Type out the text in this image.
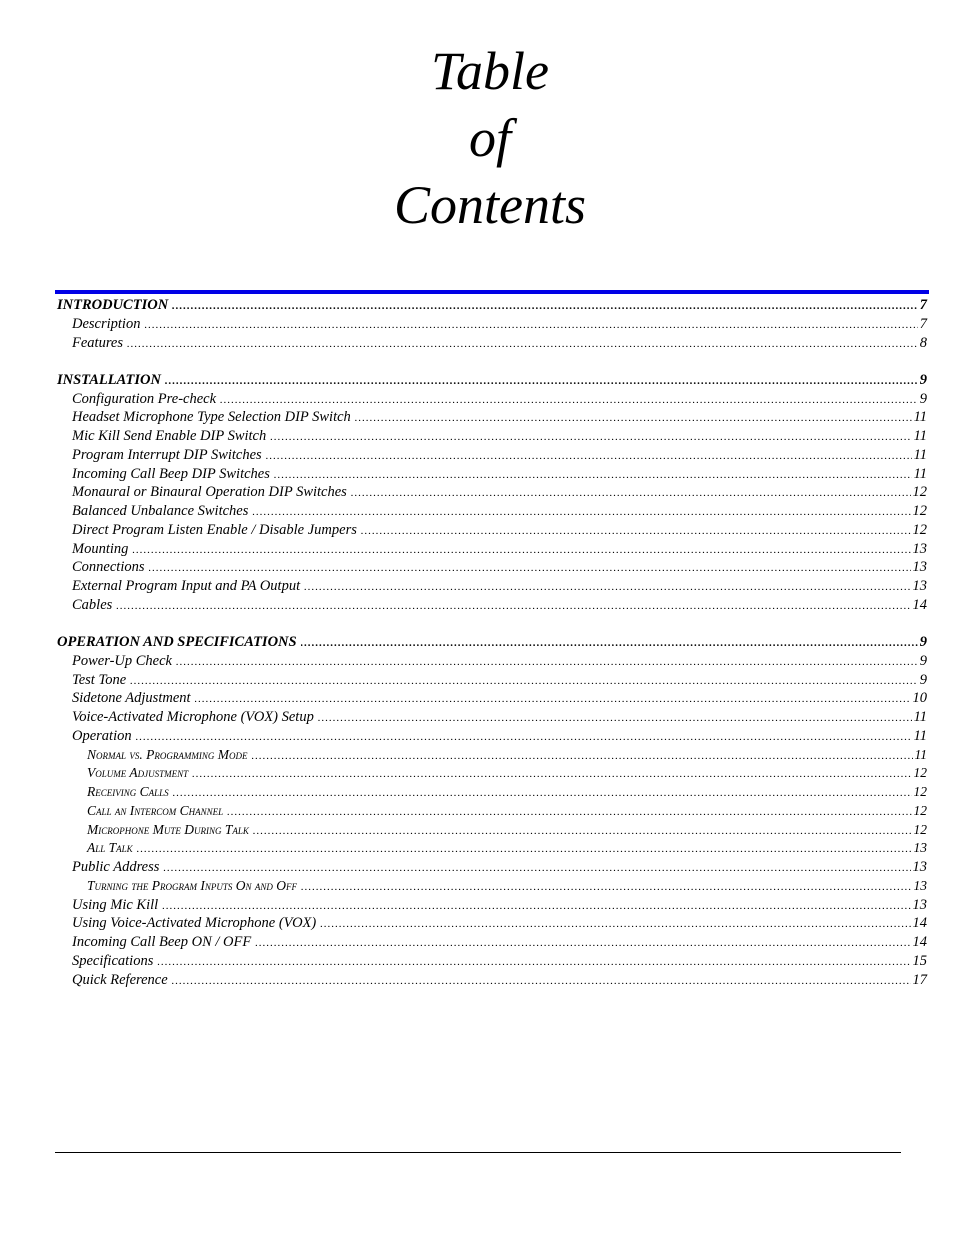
Table
of
Contents
INTRODUCTION .....	7
Description .....	7
Features .....	8
INSTALLATION .....	9
Configuration Pre-check .....	9
Headset Microphone Type Selection DIP Switch .....	11
Mic Kill Send Enable DIP Switch .....	11
Program Interrupt DIP Switches .....	11
Incoming Call Beep DIP Switches .....	11
Monaural or Binaural Operation DIP Switches .....	12
Balanced Unbalance Switches .....	12
Direct Program Listen Enable / Disable Jumpers .....	12
Mounting .....	13
Connections .....	13
External Program Input and PA Output .....	13
Cables .....	14
OPERATION AND SPECIFICATIONS .....	9
Power-Up Check .....	9
Test Tone .....	9
Sidetone Adjustment .....	10
Voice-Activated Microphone (VOX) Setup .....	11
Operation .....	11
Normal vs. Programming Mode .....	11
Volume Adjustment .....	12
Receiving Calls .....	12
Call an Intercom Channel .....	12
Microphone Mute During Talk .....	12
All Talk .....	13
Public Address .....	13
Turning the Program Inputs On and Off .....	13
Using Mic Kill .....	13
Using Voice-Activated Microphone (VOX) .....	14
Incoming Call Beep ON / OFF .....	14
Specifications .....	15
Quick Reference .....	17
